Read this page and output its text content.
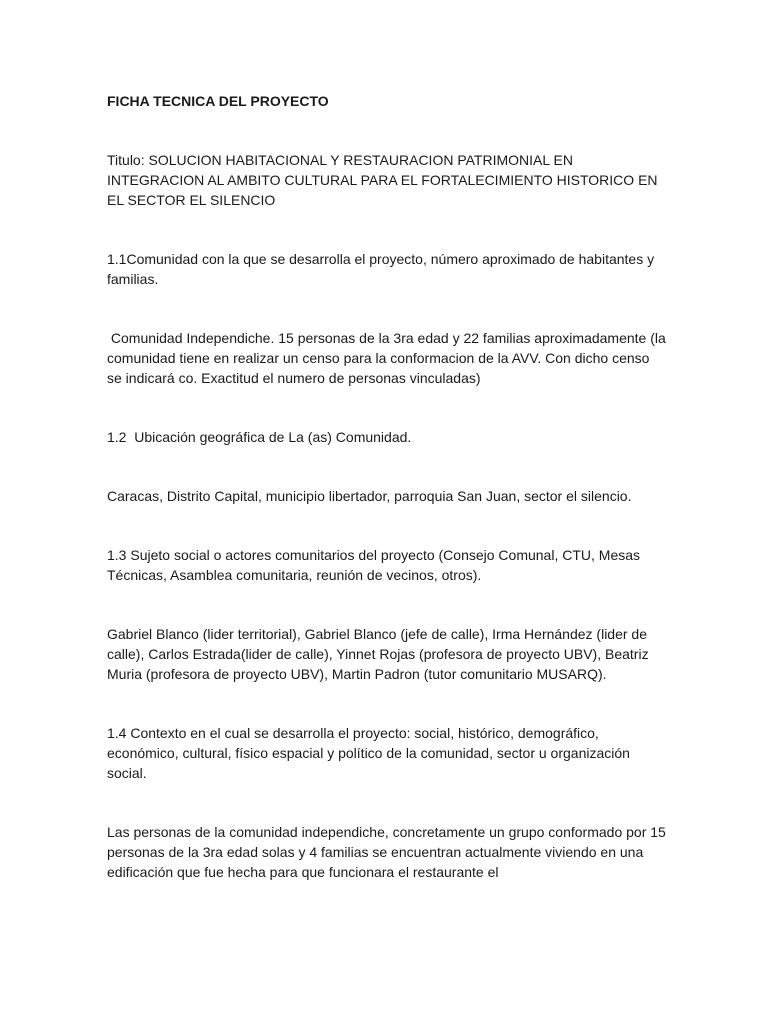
FICHA TECNICA DEL PROYECTO

Titulo: SOLUCION HABITACIONAL Y RESTAURACION PATRIMONIAL EN INTEGRACION AL AMBITO CULTURAL PARA EL FORTALECIMIENTO HISTORICO EN EL SECTOR EL SILENCIO

1.1Comunidad con la que se desarrolla el proyecto, número aproximado de habitantes y familias.

Comunidad Independiche. 15 personas de la 3ra edad y 22 familias aproximadamente (la comunidad tiene en realizar un censo para la conformacion de la AVV. Con dicho censo se indicará co. Exactitud el numero de personas vinculadas)

1.2  Ubicación geográfica de La (as) Comunidad.

Caracas, Distrito Capital, municipio libertador, parroquia San Juan, sector el silencio.

1.3 Sujeto social o actores comunitarios del proyecto (Consejo Comunal, CTU, Mesas Técnicas, Asamblea comunitaria, reunión de vecinos, otros).

Gabriel Blanco (lider territorial), Gabriel Blanco (jefe de calle), Irma Hernández (lider de calle), Carlos Estrada(lider de calle), Yinnet Rojas (profesora de proyecto UBV), Beatriz Muria (profesora de proyecto UBV), Martin Padron (tutor comunitario MUSARQ).

1.4 Contexto en el cual se desarrolla el proyecto: social, histórico, demográfico, económico, cultural, físico espacial y político de la comunidad, sector u organización social.

Las personas de la comunidad independiche, concretamente un grupo conformado por 15 personas de la 3ra edad solas y 4 familias se encuentran actualmente viviendo en una edificación que fue hecha para que funcionara el restaurante el
